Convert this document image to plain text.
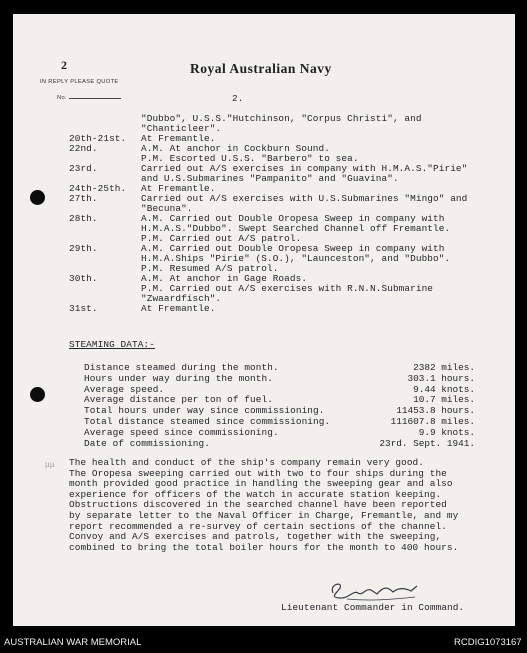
2
IN REPLY PLEASE QUOTE
No.
Royal Australian Navy
2.
"Dubbo", U.S.S."Hutchinson, "Corpus Christi", and
"Chanticleer".
20th-21st. At Fremantle.
22nd.	A.M. At anchor in Cockburn Sound.
P.M. Escorted U.S.S. "Barbero" to sea.
23rd.	Carried out A/S exercises in company with H.M.A.S."Pirie"
and U.S.Submarines "Pampanito" and "Guavina".
24th-25th. At Fremantle.
27th.	Carried out A/S exercises with U.S.Submarines "Mingo" and
"Becuna".
28th.	A.M. Carried out Double Oropesa Sweep in company with
H.M.A.S."Dubbo". Swept Searched Channel off Fremantle.
P.M. Carried out A/S patrol.
29th.	A.M. Carried out Double Oropesa Sweep in company with
H.M.A.Ships "Pirie" (S.O.), "Launceston", and "Dubbo".
P.M. Resumed A/S patrol.
30th.	A.M. At anchor in Gage Roads.
P.M. Carried out A/S exercises with R.N.N.Submarine
"Zwaardfisch".
31st.	At Fremantle.
STEAMING DATA:-
Distance steamed during the month.	2382 miles.
Hours under way during the month.	303.1 hours.
Average speed.	9.44 knots.
Average distance per ton of fuel.	10.7 miles.
Total hours under way since commissioning.	11453.8 hours.
Total distance steamed since commissioning.	111607.8 miles.
Average speed since commissioning.	9.9 knots.
Date of commissioning.	23rd. Sept. 1941.
μμ The health and conduct of the ship's company remain very good.
The Oropesa sweeping carried out with two to four ships during the
month provided good practice in handling the sweeping gear and also
experience for officers of the watch in accurate station keeping.
Obstructions discovered in the searched channel have been reported
by separate letter to the Naval Officer in Charge, Fremantle, and my
report recommended a re-survey of certain sections of the channel.
Convoy and A/S exercises and patrols, together with the sweeping,
combined to bring the total boiler hours for the month to 400 hours.
Lieutenant Commander in Command.
AUSTRALIAN WAR MEMORIAL	RCDIG1073167
